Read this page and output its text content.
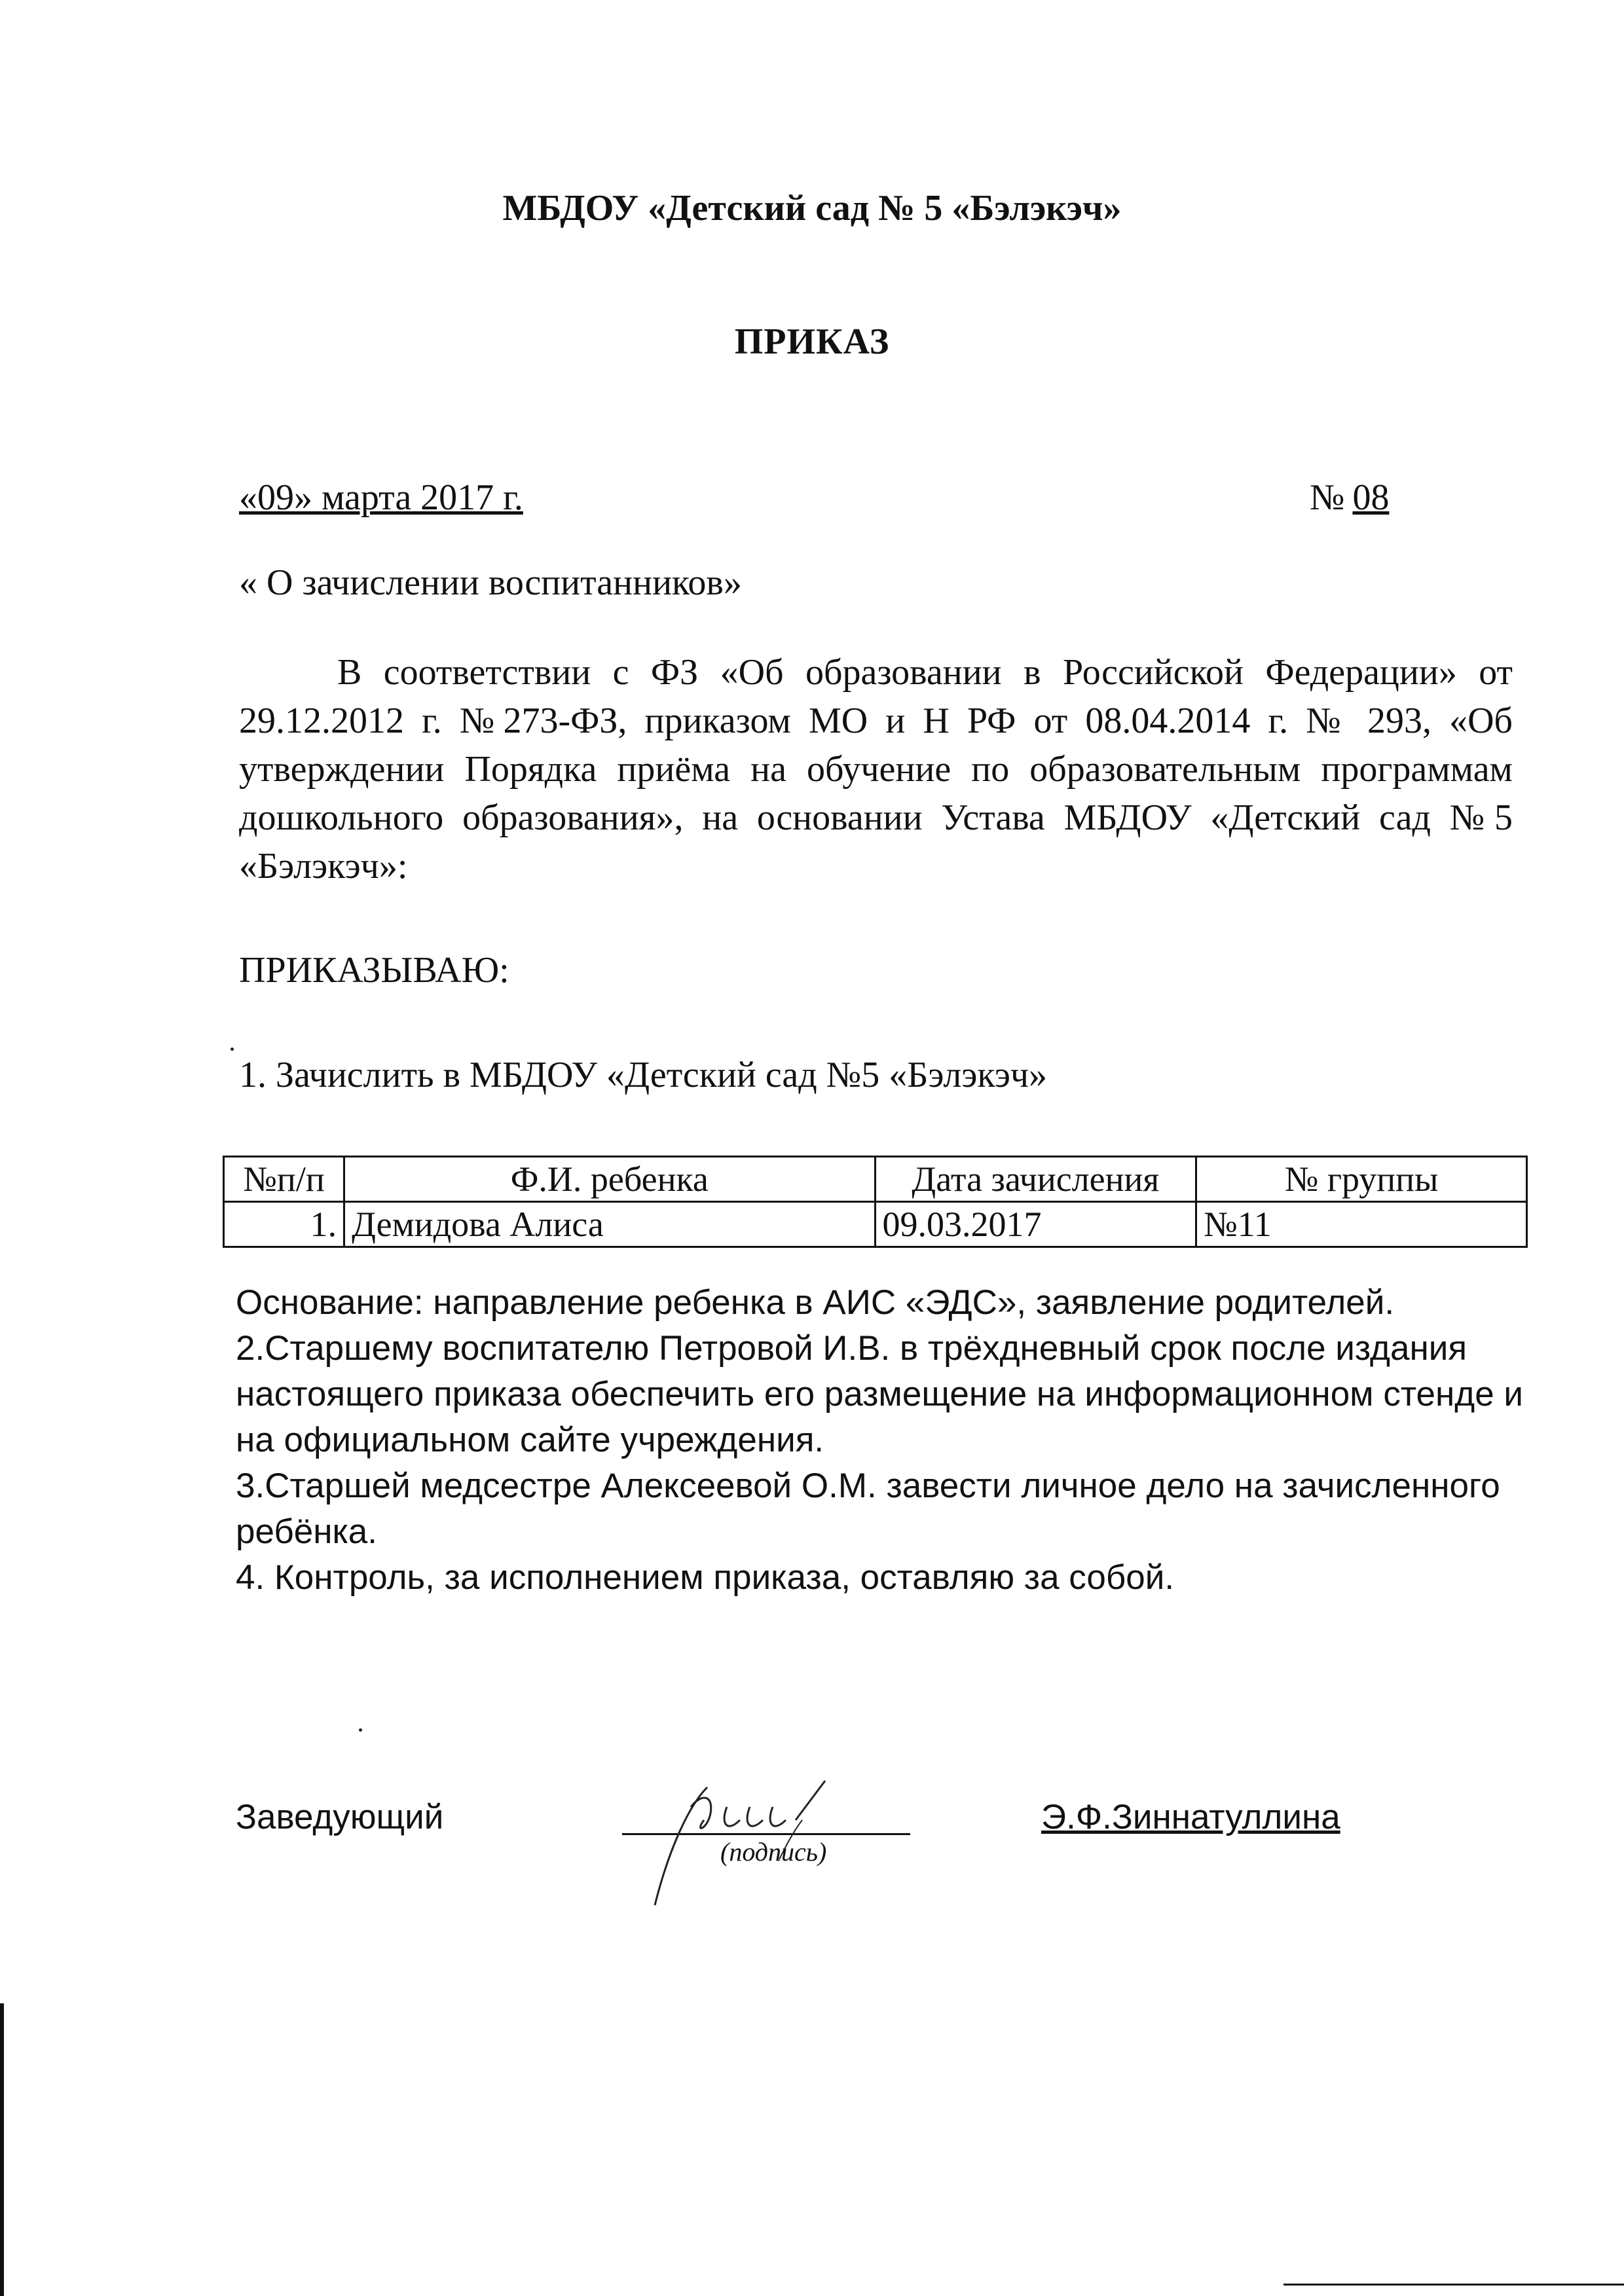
МБДОУ «Детский сад № 5 «Бэлэкэч»
ПРИКАЗ
«09» марта 2017 г.	№ 08
« О зачислении воспитанников»

В соответствии с ФЗ «Об образовании в Российской Федерации» от 29.12.2012 г. №273-ФЗ, приказом МО и Н РФ от 08.04.2014 г. № 293, «Об утверждении Порядка приёма на обучение по образовательным программам дошкольного образования», на основании Устава МБДОУ «Детский сад №5 «Бэлэкэч»:

ПРИКАЗЫВАЮ:
1. Зачислить в МБДОУ «Детский сад №5 «Бэлэкэч»
№п/п	Ф.И. ребенка	Дата зачисления	№ группы
1.	Демидова Алиса	09.03.2017	№11

Основание: направление ребенка в АИС «ЭДС», заявление родителей.

2.Старшему воспитателю Петровой И.В. в трёхдневный срок после издания настоящего приказа обеспечить его размещение на информационном стенде и на официальном сайте учреждения.

3.Старшей медсестре Алексеевой О.М. завести личное дело на зачисленного ребёнка.

4. Контроль, за исполнением приказа, оставляю за собой.

Заведующий
(подпись)
Э.Ф.Зиннатуллина
